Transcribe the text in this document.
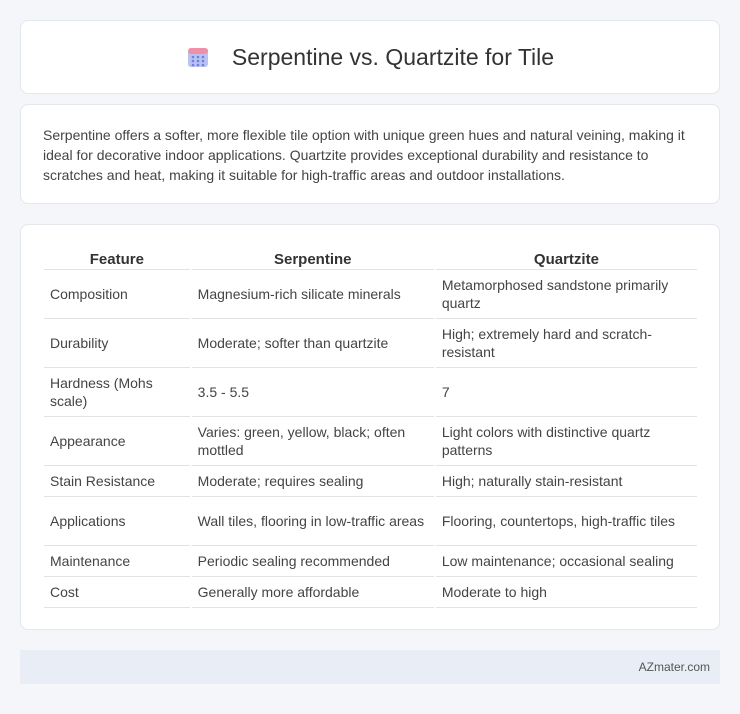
Serpentine vs. Quartzite for Tile

Serpentine offers a softer, more flexible tile option with unique green hues and natural veining, making it ideal for decorative indoor applications. Quartzite provides exceptional durability and resistance to scratches and heat, making it suitable for high-traffic areas and outdoor installations.

Feature	Serpentine	Quartzite
Composition	Magnesium-rich silicate minerals	Metamorphosed sandstone primarily quartz
Durability	Moderate; softer than quartzite	High; extremely hard and scratch-resistant
Hardness (Mohs scale)	3.5 - 5.5	7
Appearance	Varies: green, yellow, black; often mottled	Light colors with distinctive quartz patterns
Stain Resistance	Moderate; requires sealing	High; naturally stain-resistant
Applications	Wall tiles, flooring in low-traffic areas	Flooring, countertops, high-traffic tiles
Maintenance	Periodic sealing recommended	Low maintenance; occasional sealing
Cost	Generally more affordable	Moderate to high
AZmater.com
